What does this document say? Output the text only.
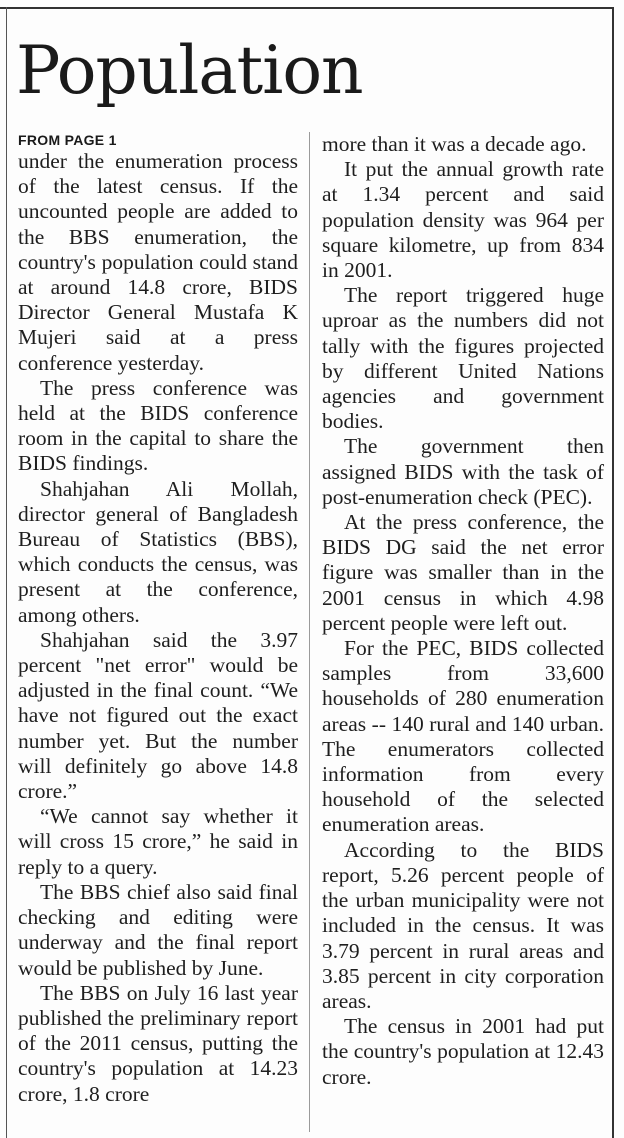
Population
FROM PAGE 1

under the enumeration process of the latest census. If the uncounted people are added to the BBS enumeration, the country's population could stand at around 14.8 crore, BIDS Director General Mustafa K Mujeri said at a press conference yesterday.

The press conference was held at the BIDS conference room in the capital to share the BIDS findings.

Shahjahan Ali Mollah, director general of Bangladesh Bureau of Statistics (BBS), which conducts the census, was present at the conference, among others.

Shahjahan said the 3.97 percent "net error" would be adjusted in the final count. “We have not figured out the exact number yet. But the number will definitely go above 14.8 crore.”

“We cannot say whether it will cross 15 crore,” he said in reply to a query.

The BBS chief also said final checking and editing were underway and the final report would be published by June.

The BBS on July 16 last year published the preliminary report of the 2011 census, putting the country's population at 14.23 crore, 1.8 crore

more than it was a decade ago.

It put the annual growth rate at 1.34 percent and said population density was 964 per square kilometre, up from 834 in 2001.

The report triggered huge uproar as the numbers did not tally with the figures projected by different United Nations agencies and government bodies.

The government then assigned BIDS with the task of post-enumeration check (PEC).

At the press conference, the BIDS DG said the net error figure was smaller than in the 2001 census in which 4.98 percent people were left out.

For the PEC, BIDS collected samples from 33,600 households of 280 enumeration areas -- 140 rural and 140 urban. The enumerators collected information from every household of the selected enumeration areas.

According to the BIDS report, 5.26 percent people of the urban municipality were not included in the census. It was 3.79 percent in rural areas and 3.85 percent in city corporation areas.

The census in 2001 had put the country's population at 12.43 crore.
